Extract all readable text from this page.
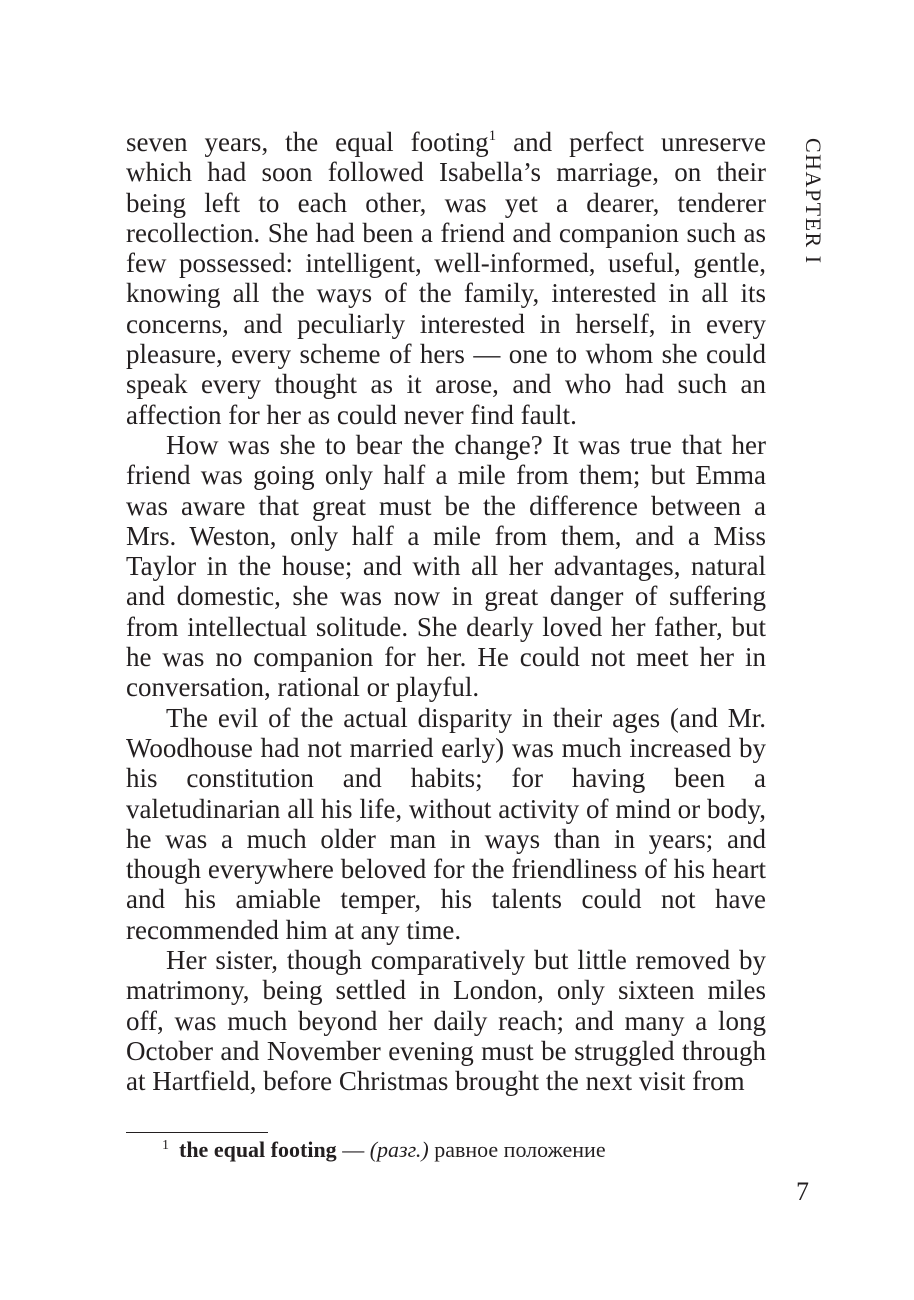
CHAPTER I

seven years, the equal footing$^1$ and perfect unreserve which had soon followed Isabella’s marriage, on their being left to each other, was yet a dearer, tenderer recollection. She had been a friend and companion such as few possessed: intelligent, well-informed, useful, gentle, knowing all the ways of the family, interested in all its concerns, and peculiarly interested in herself, in every pleasure, every scheme of hers — one to whom she could speak every thought as it arose, and who had such an affection for her as could never find fault.

How was she to bear the change? It was true that her friend was going only half a mile from them; but Emma was aware that great must be the difference between a Mrs. Weston, only half a mile from them, and a Miss Taylor in the house; and with all her advantages, natural and domestic, she was now in great danger of suffering from intellectual solitude. She dearly loved her father, but he was no companion for her. He could not meet her in conversation, rational or playful.

The evil of the actual disparity in their ages (and Mr. Woodhouse had not married early) was much increased by his constitution and habits; for having been a valetudinarian all his life, without activity of mind or body, he was a much older man in ways than in years; and though everywhere beloved for the friendliness of his heart and his amiable temper, his talents could not have recommended him at any time.

Her sister, though comparatively but little removed by matrimony, being settled in London, only sixteen miles off, was much beyond her daily reach; and many a long October and November evening must be struggled through at Hartfield, before Christmas brought the next visit from

$^1$ the equal footing — (разг.) равное положение
7
